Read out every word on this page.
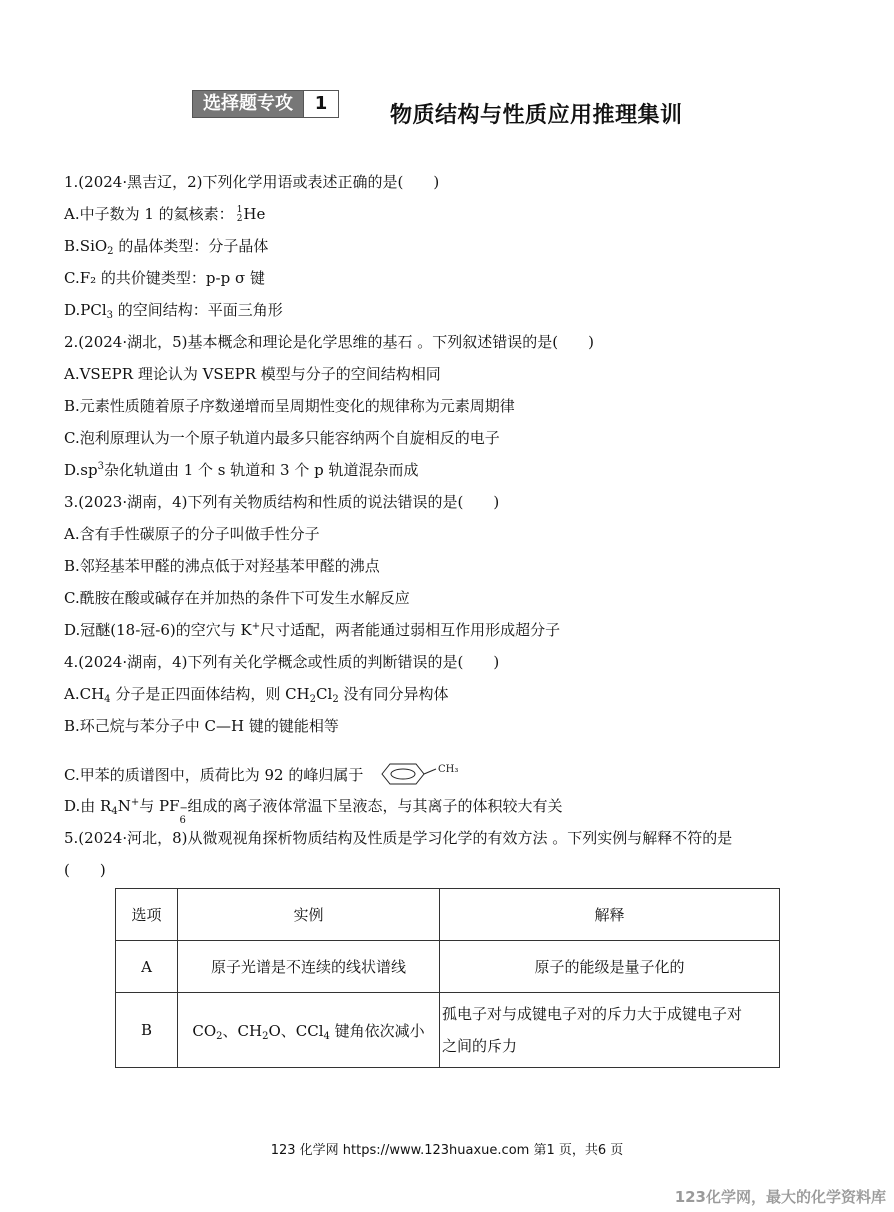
选择题专攻	1	物质结构与性质应用推理集训
1.(2024·黑吉辽，2)下列化学用语或表述正确的是(　　)
A.中子数为 1 的氦核素： 1
2He
B.SiO$_2$ 的晶体类型：分子晶体
C.F₂ 的共价键类型：p-p σ 键
D.PCl$_3$ 的空间结构：平面三角形
2.(2024·湖北，5)基本概念和理论是化学思维的基石 。下列叙述错误的是(　　)
A.VSEPR 理论认为 VSEPR 模型与分子的空间结构相同
B.元素性质随着原子序数递增而呈周期性变化的规律称为元素周期律
C.泡利原理认为一个原子轨道内最多只能容纳两个自旋相反的电子
$D.sp^3$杂化轨道由 1 个 s 轨道和 3 个 p 轨道混杂而成
3.(2023·湖南，4)下列有关物质结构和性质的说法错误的是(　　)
A.含有手性碳原子的分子叫做手性分子
B.邻羟基苯甲醛的沸点低于对羟基苯甲醛的沸点
C.酰胺在酸或碱存在并加热的条件下可发生水解反应
D.冠醚(18-冠-6)的空穴与 K+尺寸适配，两者能通过弱相互作用形成超分子
4.(2024·湖南，4)下列有关化学概念或性质的判断错误的是(　　)
$A.CH_4$ 分子是正四面体结构，则 $CH_2Cl_2$ 没有同分异构体
B.环己烷与苯分子中 C—H 键的键能相等
C.甲苯的质谱图中，质荷比为 92 的峰归属于	CH₃
D.由 $R_4N^+$与 PF −
6
组成的离子液体常温下呈液态，与其离子的体积较大有关
5.(2024·河北，8)从微观视角探析物质结构及性质是学习化学的有效方法 。下列实例与解释不符的是
(　　)
选项	实例	解释
A	原子光谱是不连续的线状谱线	原子的能级是量子化的
B	$CO_2$、$CH_2O$、CCl$_4$ 键角依次减小	孤电子对与成键电子对的斥力大于成键电子对
之间的斥力
123 化学网 https://www.123huaxue.com 第1 页，共6 页
123化学网，最大的化学资料库
